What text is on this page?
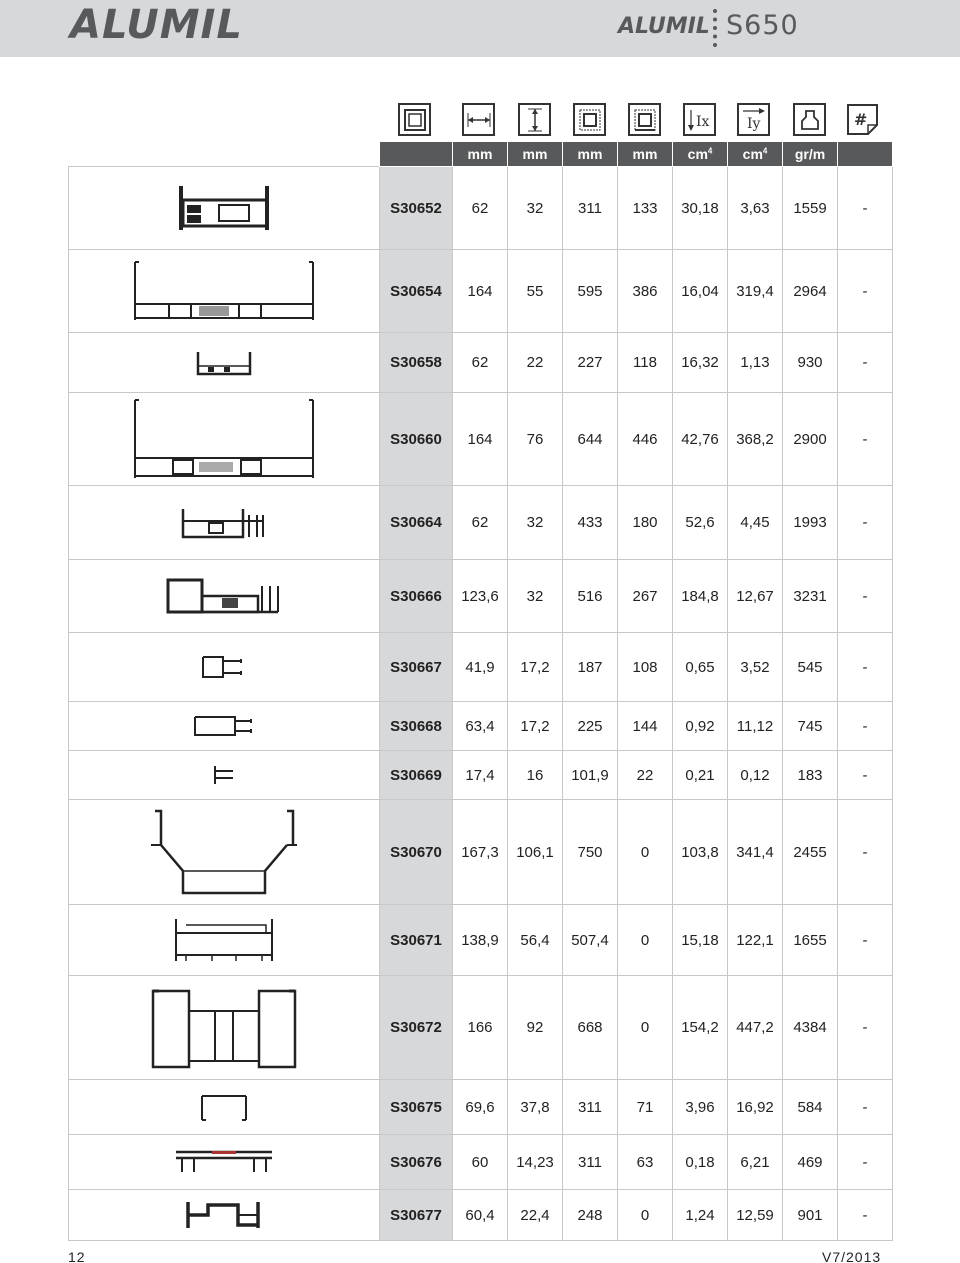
ALUMIL	ALUMIL S650
Ix	Iy	#
		mm	mm	mm	mm	$cm^4$	$cm^4$	gr/m	

	S30652	62	32	311	133	30,18	3,63	1559	-

	S30654	164	55	595	386	16,04	319,4	2964	-

	S30658	62	22	227	118	16,32	1,13	930	-

	S30660	164	76	644	446	42,76	368,2	2900	-

	S30664	62	32	433	180	52,6	4,45	1993	-

	S30666	123,6	32	516	267	184,8	12,67	3231	-

	S30667	41,9	17,2	187	108	0,65	3,52	545	-

	S30668	63,4	17,2	225	144	0,92	11,12	745	-

	S30669	17,4	16	101,9	22	0,21	0,12	183	-

	S30670	167,3	106,1	750	0	103,8	341,4	2455	-

	S30671	138,9	56,4	507,4	0	15,18	122,1	1655	-

	S30672	166	92	668	0	154,2	447,2	4384	-

	S30675	69,6	37,8	311	71	3,96	16,92	584	-

	S30676	60	14,23	311	63	0,18	6,21	469	-

	S30677	60,4	22,4	248	0	1,24	12,59	901	-
12	V7/2013
